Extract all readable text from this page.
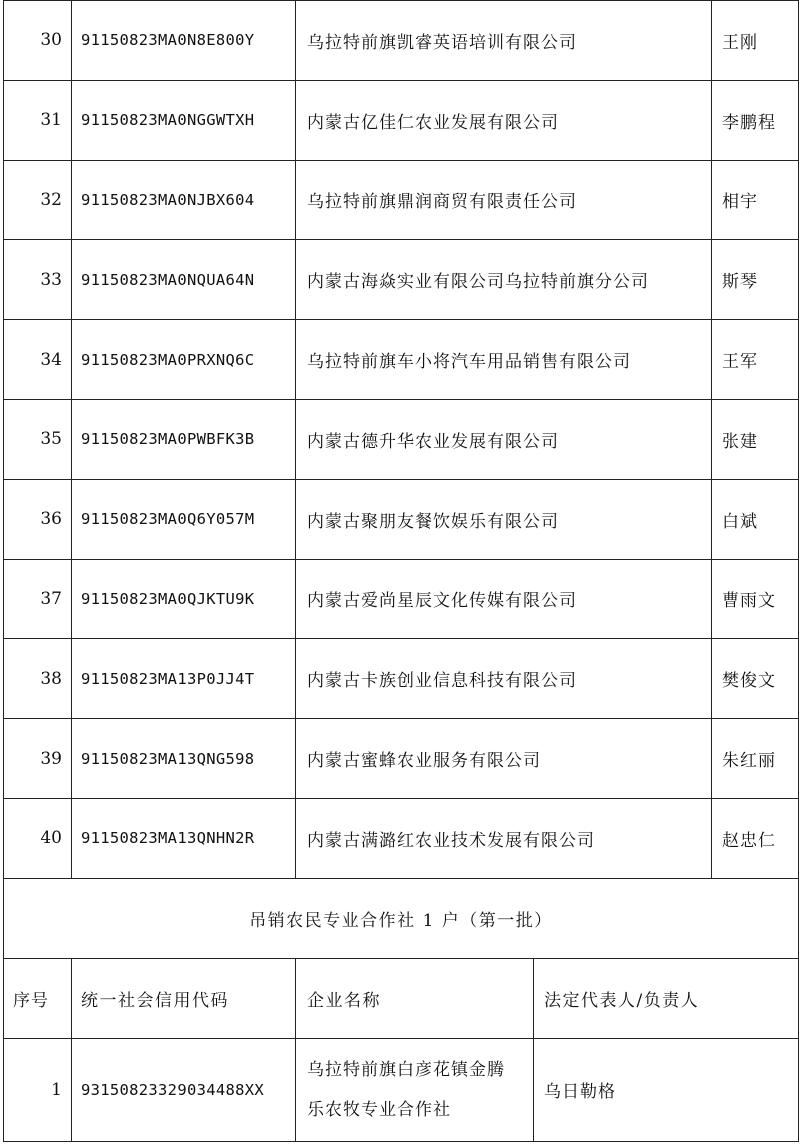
30	91150823MA0N8E800Y	乌拉特前旗凯睿英语培训有限公司		王刚
31	91150823MA0NGGWTXH	内蒙古亿佳仁农业发展有限公司		李鹏程
32	91150823MA0NJBX604	乌拉特前旗鼎润商贸有限责任公司		相宇
33	91150823MA0NQUA64N	内蒙古海焱实业有限公司乌拉特前旗分公司		斯琴
34	91150823MA0PRXNQ6C	乌拉特前旗车小将汽车用品销售有限公司		王军
35	91150823MA0PWBFK3B	内蒙古德升华农业发展有限公司		张建
36	91150823MA0Q6Y057M	内蒙古聚朋友餐饮娱乐有限公司		白斌
37	91150823MA0QJKTU9K	内蒙古爱尚星辰文化传媒有限公司		曹雨文
38	91150823MA13P0JJ4T	内蒙古卡族创业信息科技有限公司		樊俊文
39	91150823MA13QNG598	内蒙古蜜蜂农业服务有限公司		朱红丽
40	91150823MA13QNHN2R	内蒙古满潞红农业技术发展有限公司		赵忠仁
吊销农民专业合作社 1 户（第一批）				
序号	统一社会信用代码	企业名称	法定代表人/负责人	
1	93150823329034488XX	乌拉特前旗白彦花镇金腾
乐农牧专业合作社	乌日勒格	
